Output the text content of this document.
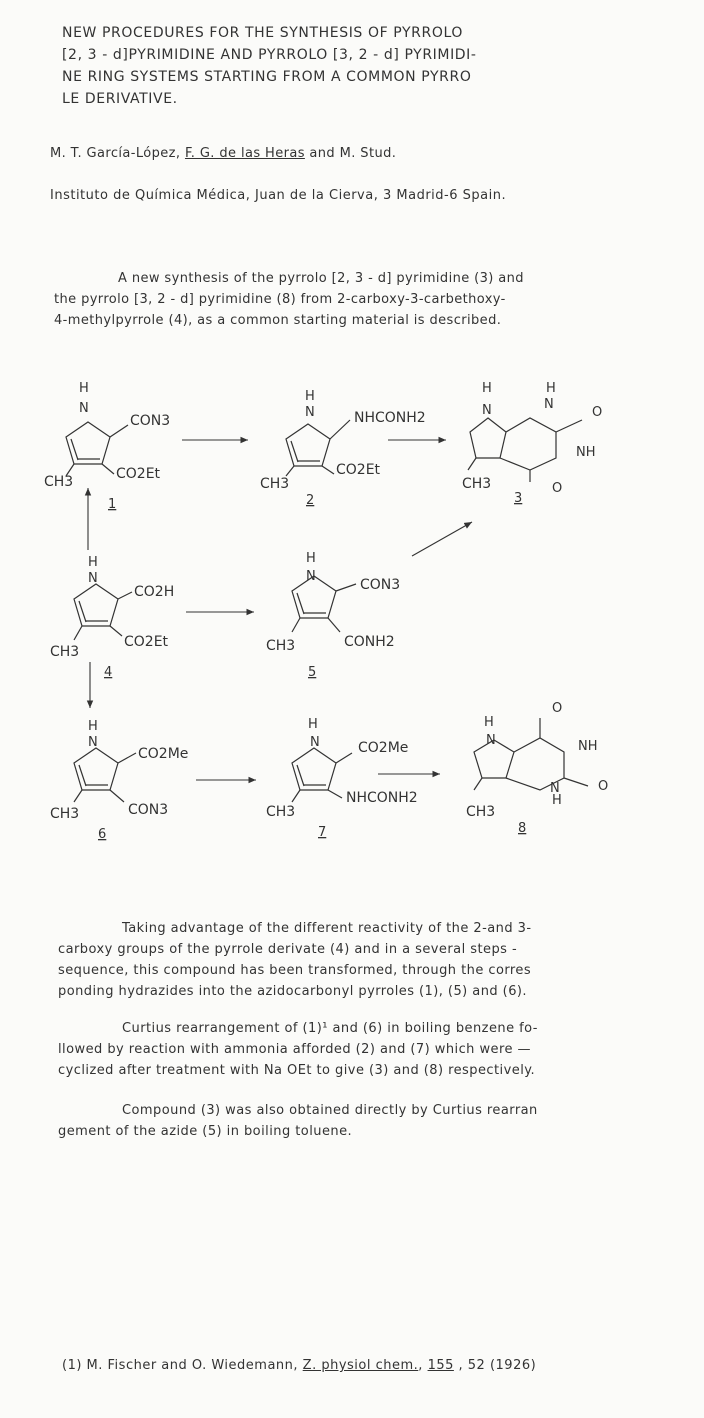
NEW PROCEDURES FOR THE SYNTHESIS OF PYRROLO
[2, 3 - d]PYRIMIDINE AND PYRROLO [3, 2 - d] PYRIMIDI-
NE RING SYSTEMS STARTING FROM A COMMON PYRRO
LE DERIVATIVE.
M. T. García-López, F. G. de las Heras and M. Stud.
Instituto de Química Médica, Juan de la Cierva, 3 Madrid-6 Spain.
A new synthesis of the pyrrolo [2, 3 - d] pyrimidine (3) and
the pyrrolo [3, 2 - d] pyrimidine (8) from 2-carboxy-3-carbethoxy-
4-methylpyrrole (4), as a common starting material is described.
H
N
CON3
CO2Et
CH3
1
H
N	NHCONH2
CO2Et
CH3
2
H
N
H
N
O
NH
O
CH3
3
H
N
CO2H
CO2Et
CH3
4
H
N
CON3
CONH2
CH3
5
H
N
CO2Me
CON3
CH3
6
H
N	CO2Me
NHCONH2
CH3
7
H
N
O
NH
N
H
O
CH3
8
Taking advantage of the different reactivity of the 2-and 3-
carboxy groups of the pyrrole derivate (4) and in a several steps -
sequence, this compound has been transformed, through the corres
ponding hydrazides into the azidocarbonyl pyrroles (1), (5) and (6).
Curtius rearrangement of (1)¹ and (6) in boiling benzene fo-
llowed by reaction with ammonia afforded (2) and (7) which were —
cyclized after treatment with Na OEt to give (3) and (8) respectively.
Compound (3) was also obtained directly by Curtius rearran
gement of the azide (5) in boiling toluene.
(1) M. Fischer and O. Wiedemann, Z. physiol chem., 155 , 52 (1926)
